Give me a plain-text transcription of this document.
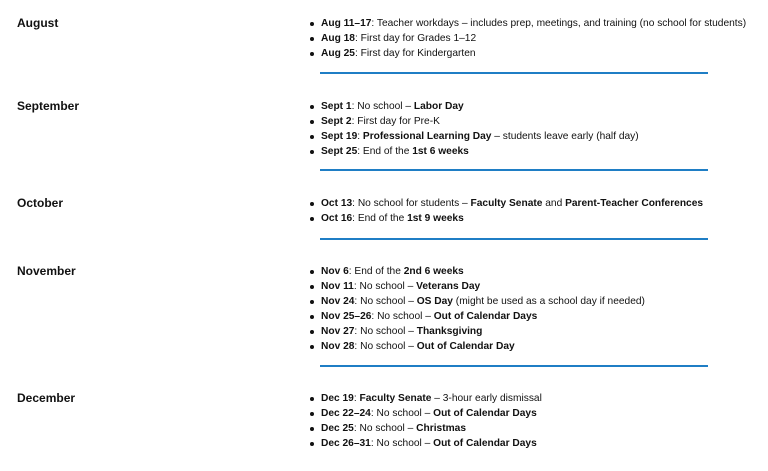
August	Aug 11–17: Teacher workdays – includes prep, meetings, and training (no school for students)
Aug 18: First day for Grades 1–12
Aug 25: First day for Kindergarten
September	Sept 1: No school – Labor Day
Sept 2: First day for Pre-K
Sept 19: Professional Learning Day – students leave early (half day)
Sept 25: End of the 1st 6 weeks
October	Oct 13: No school for students – Faculty Senate and Parent-Teacher Conferences
Oct 16: End of the 1st 9 weeks
November	Nov 6: End of the 2nd 6 weeks
Nov 11: No school – Veterans Day
Nov 24: No school – OS Day (might be used as a school day if needed)
Nov 25–26: No school – Out of Calendar Days
Nov 27: No school – Thanksgiving
Nov 28: No school – Out of Calendar Day
December	Dec 19: Faculty Senate – 3-hour early dismissal
Dec 22–24: No school – Out of Calendar Days
Dec 25: No school – Christmas
Dec 26–31: No school – Out of Calendar Days
